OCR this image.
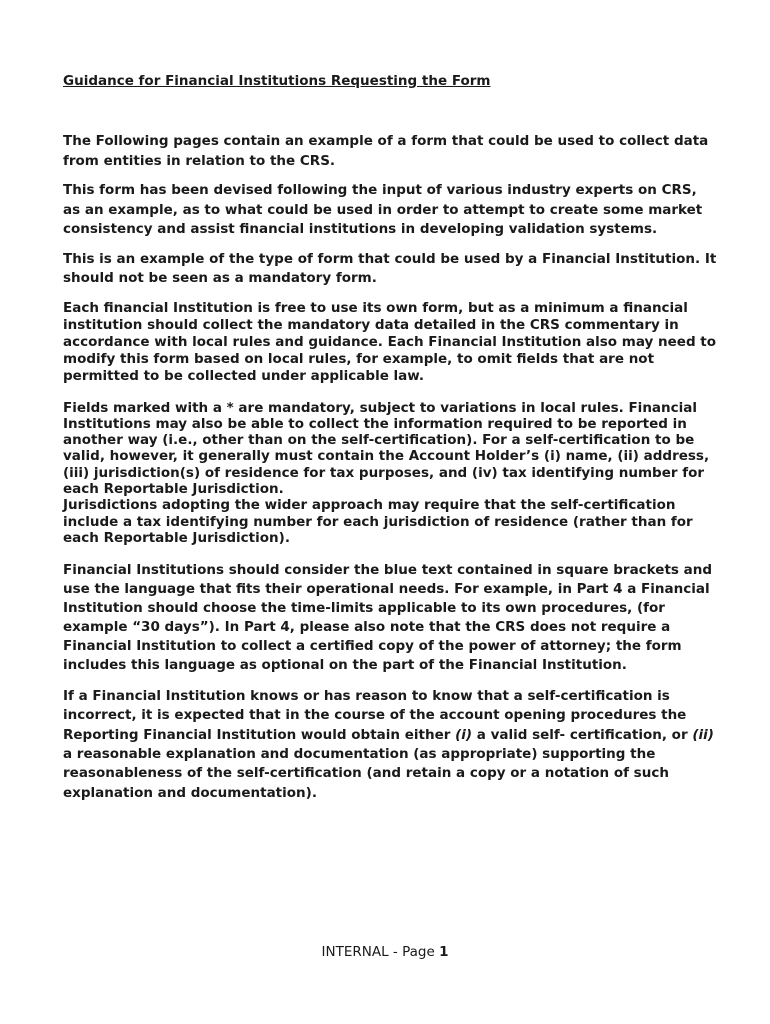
Guidance for Financial Institutions Requesting the Form

The Following pages contain an example of a form that could be used to collect data from entities in relation to the CRS.

This form has been devised following the input of various industry experts on CRS, as an example, as to what could be used in order to attempt to create some market consistency and assist financial institutions in developing validation systems.

This is an example of the type of form that could be used by a Financial Institution. It should not be seen as a mandatory form.

Each financial Institution is free to use its own form, but as a minimum a financial institution should collect the mandatory data detailed in the CRS commentary in accordance with local rules and guidance. Each Financial Institution also may need to modify this form based on local rules, for example, to omit fields that are not permitted to be collected under applicable law.

Fields marked with a * are mandatory, subject to variations in local rules. Financial Institutions may also be able to collect the information required to be reported in another way (i.e., other than on the self-certification). For a self-certification to be valid, however, it generally must contain the Account Holder’s (i) name, (ii) address, (iii) jurisdiction(s) of residence for tax purposes, and (iv) tax identifying number for each Reportable Jurisdiction.

Jurisdictions adopting the wider approach may require that the self-certification include a tax identifying number for each jurisdiction of residence (rather than for each Reportable Jurisdiction).

Financial Institutions should consider the blue text contained in square brackets and use the language that fits their operational needs. For example, in Part 4 a Financial Institution should choose the time-limits applicable to its own procedures, (for example “30 days”). In Part 4, please also note that the CRS does not require a Financial Institution to collect a certified copy of the power of attorney; the form includes this language as optional on the part of the Financial Institution.

If a Financial Institution knows or has reason to know that a self-certification is incorrect, it is expected that in the course of the account opening procedures the Reporting Financial Institution would obtain either (i) a valid self- certification, or (ii) a reasonable explanation and documentation (as appropriate) supporting the reasonableness of the self-certification (and retain a copy or a notation of such explanation and documentation).

INTERNAL - Page 1
